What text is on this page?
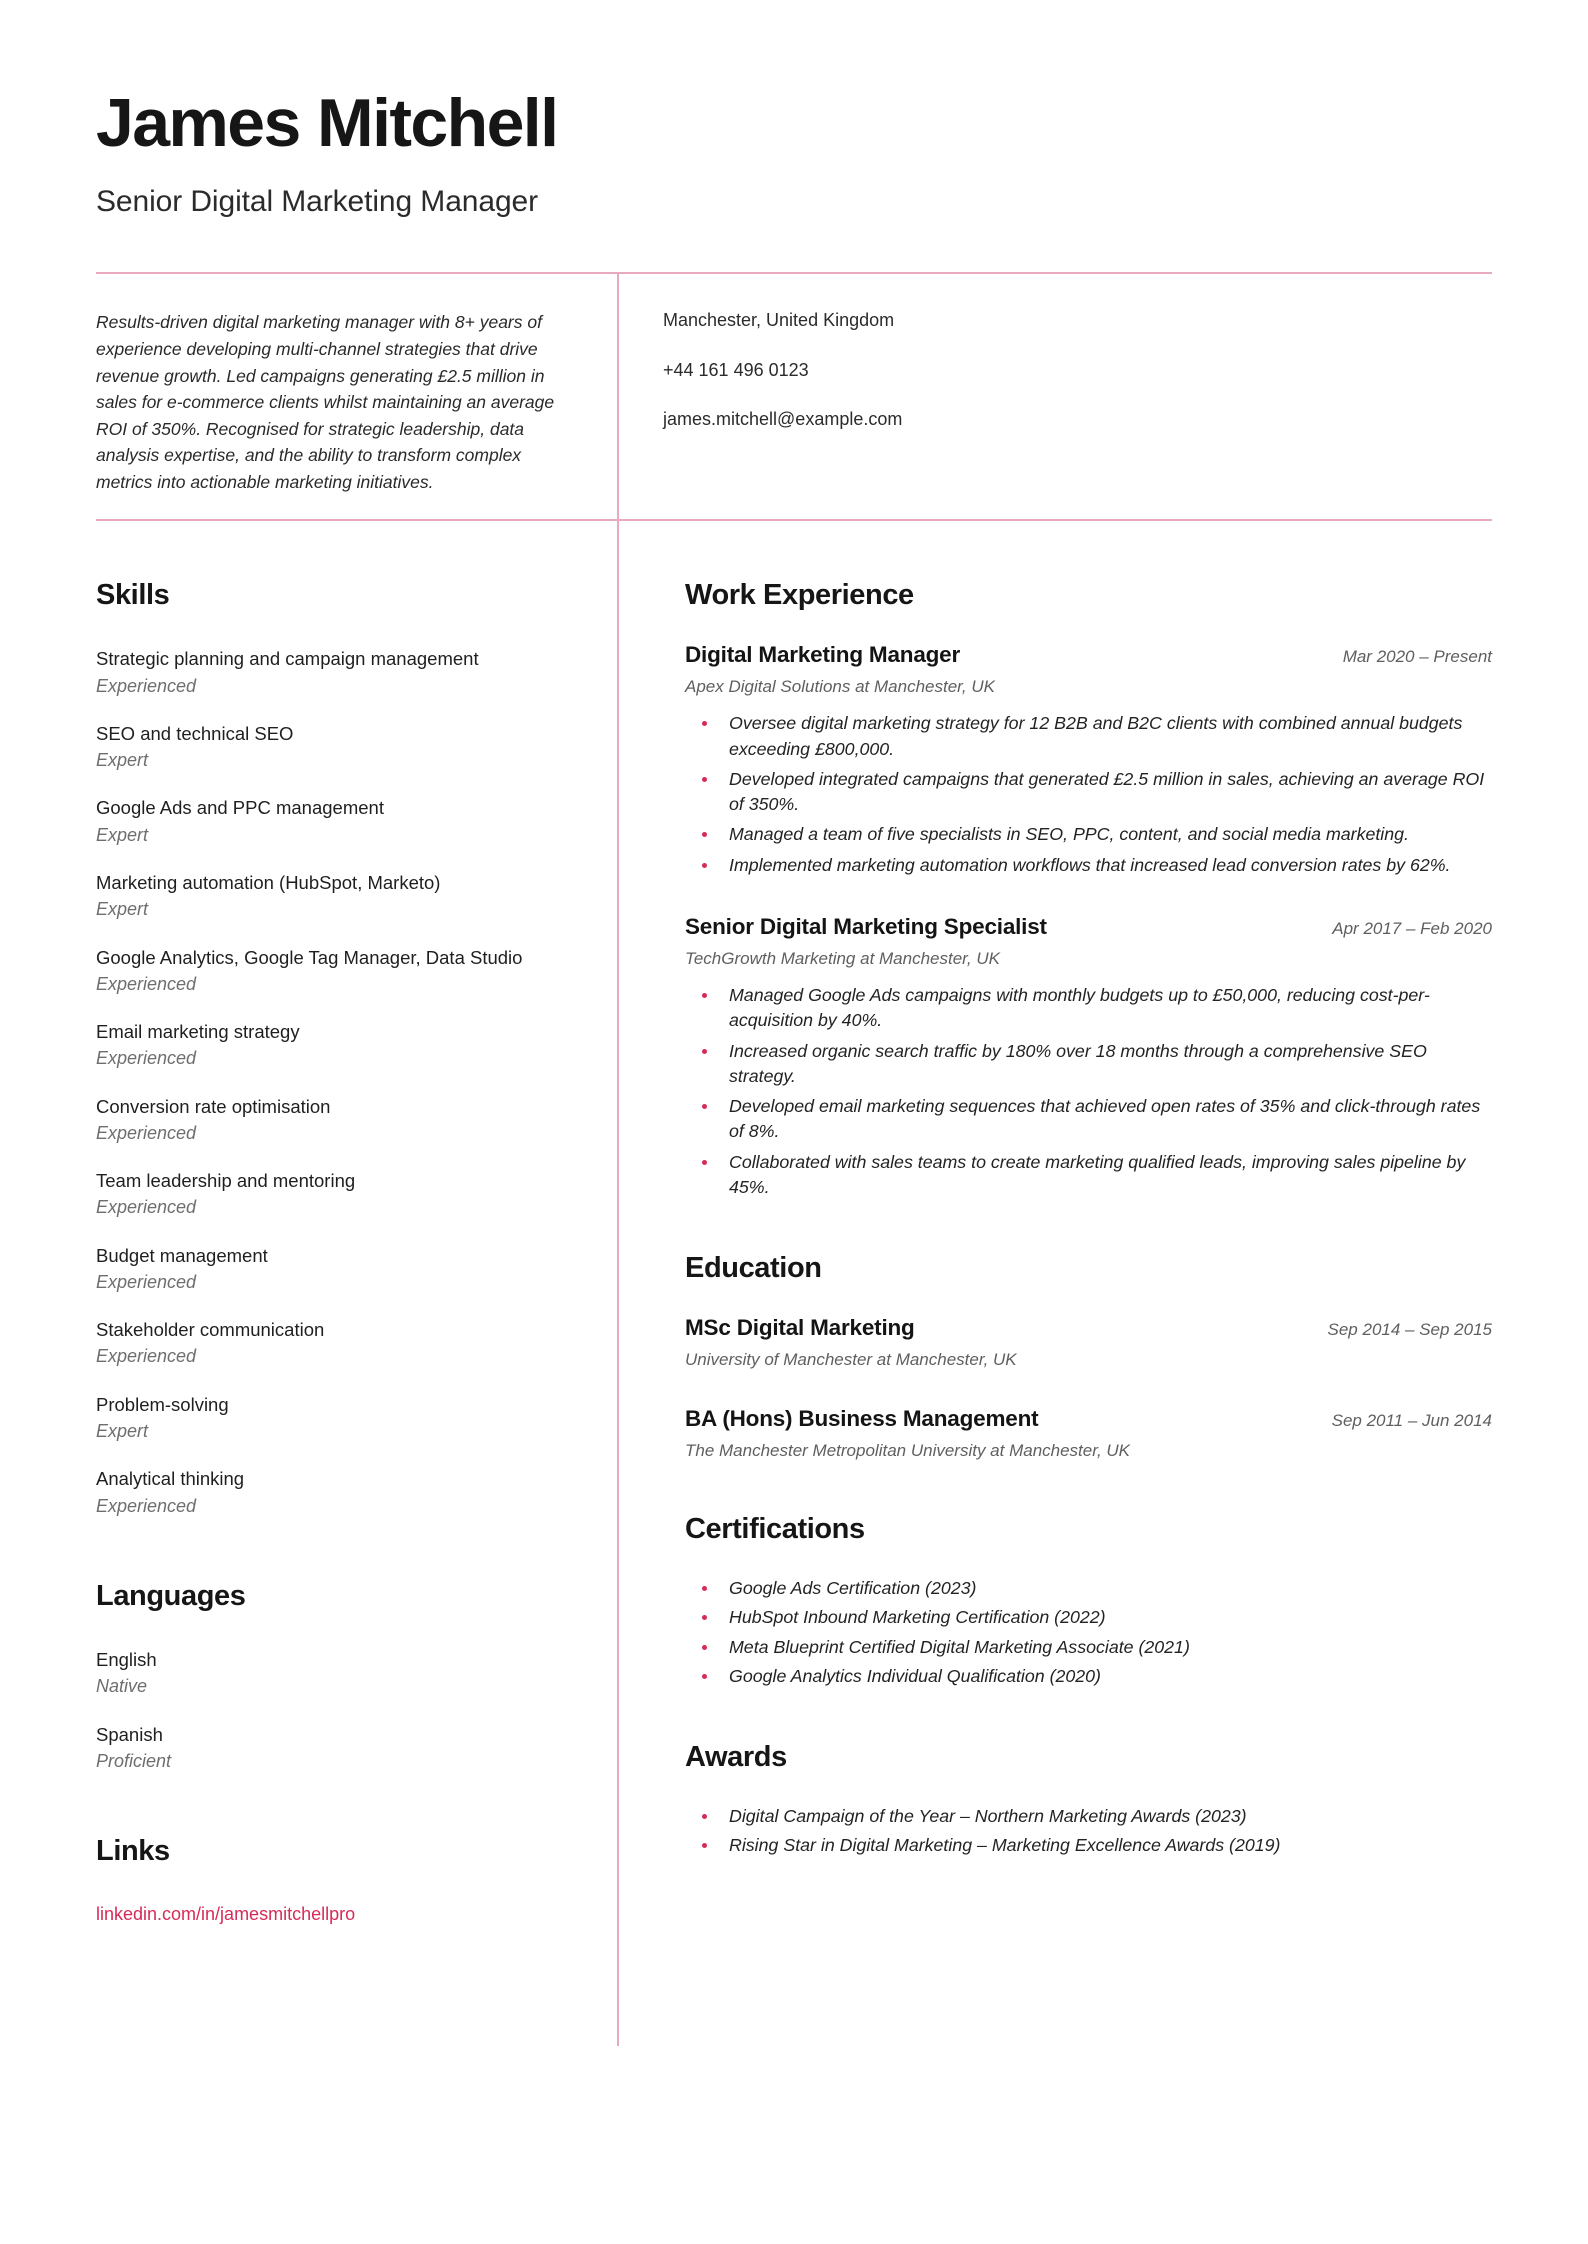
James Mitchell
Senior Digital Marketing Manager
Results-driven digital marketing manager with 8+ years of experience developing multi-channel strategies that drive revenue growth. Led campaigns generating £2.5 million in sales for e-commerce clients whilst maintaining an average ROI of 350%. Recognised for strategic leadership, data analysis expertise, and the ability to transform complex metrics into actionable marketing initiatives.
Manchester, United Kingdom
+44 161 496 0123
james.mitchell@example.com
Skills
Strategic planning and campaign management
Experienced
SEO and technical SEO
Expert
Google Ads and PPC management
Expert
Marketing automation (HubSpot, Marketo)
Expert
Google Analytics, Google Tag Manager, Data Studio
Experienced
Email marketing strategy
Experienced
Conversion rate optimisation
Experienced
Team leadership and mentoring
Experienced
Budget management
Experienced
Stakeholder communication
Experienced
Problem-solving
Expert
Analytical thinking
Experienced
Languages
English
Native
Spanish
Proficient
Links
linkedin.com/in/jamesmitchellpro
Work Experience
Digital Marketing Manager	Mar 2020 – Present
Apex Digital Solutions at Manchester, UK
Oversee digital marketing strategy for 12 B2B and B2C clients with combined annual budgets exceeding £800,000.
Developed integrated campaigns that generated £2.5 million in sales, achieving an average ROI of 350%.
Managed a team of five specialists in SEO, PPC, content, and social media marketing.
Implemented marketing automation workflows that increased lead conversion rates by 62%.
Senior Digital Marketing Specialist	Apr 2017 – Feb 2020
TechGrowth Marketing at Manchester, UK
Managed Google Ads campaigns with monthly budgets up to £50,000, reducing cost-per-acquisition by 40%.
Increased organic search traffic by 180% over 18 months through a comprehensive SEO strategy.
Developed email marketing sequences that achieved open rates of 35% and click-through rates of 8%.
Collaborated with sales teams to create marketing qualified leads, improving sales pipeline by 45%.
Education
MSc Digital Marketing	Sep 2014 – Sep 2015
University of Manchester at Manchester, UK
BA (Hons) Business Management	Sep 2011 – Jun 2014
The Manchester Metropolitan University at Manchester, UK
Certifications
Google Ads Certification (2023)
HubSpot Inbound Marketing Certification (2022)
Meta Blueprint Certified Digital Marketing Associate (2021)
Google Analytics Individual Qualification (2020)
Awards
Digital Campaign of the Year – Northern Marketing Awards (2023)
Rising Star in Digital Marketing – Marketing Excellence Awards (2019)
